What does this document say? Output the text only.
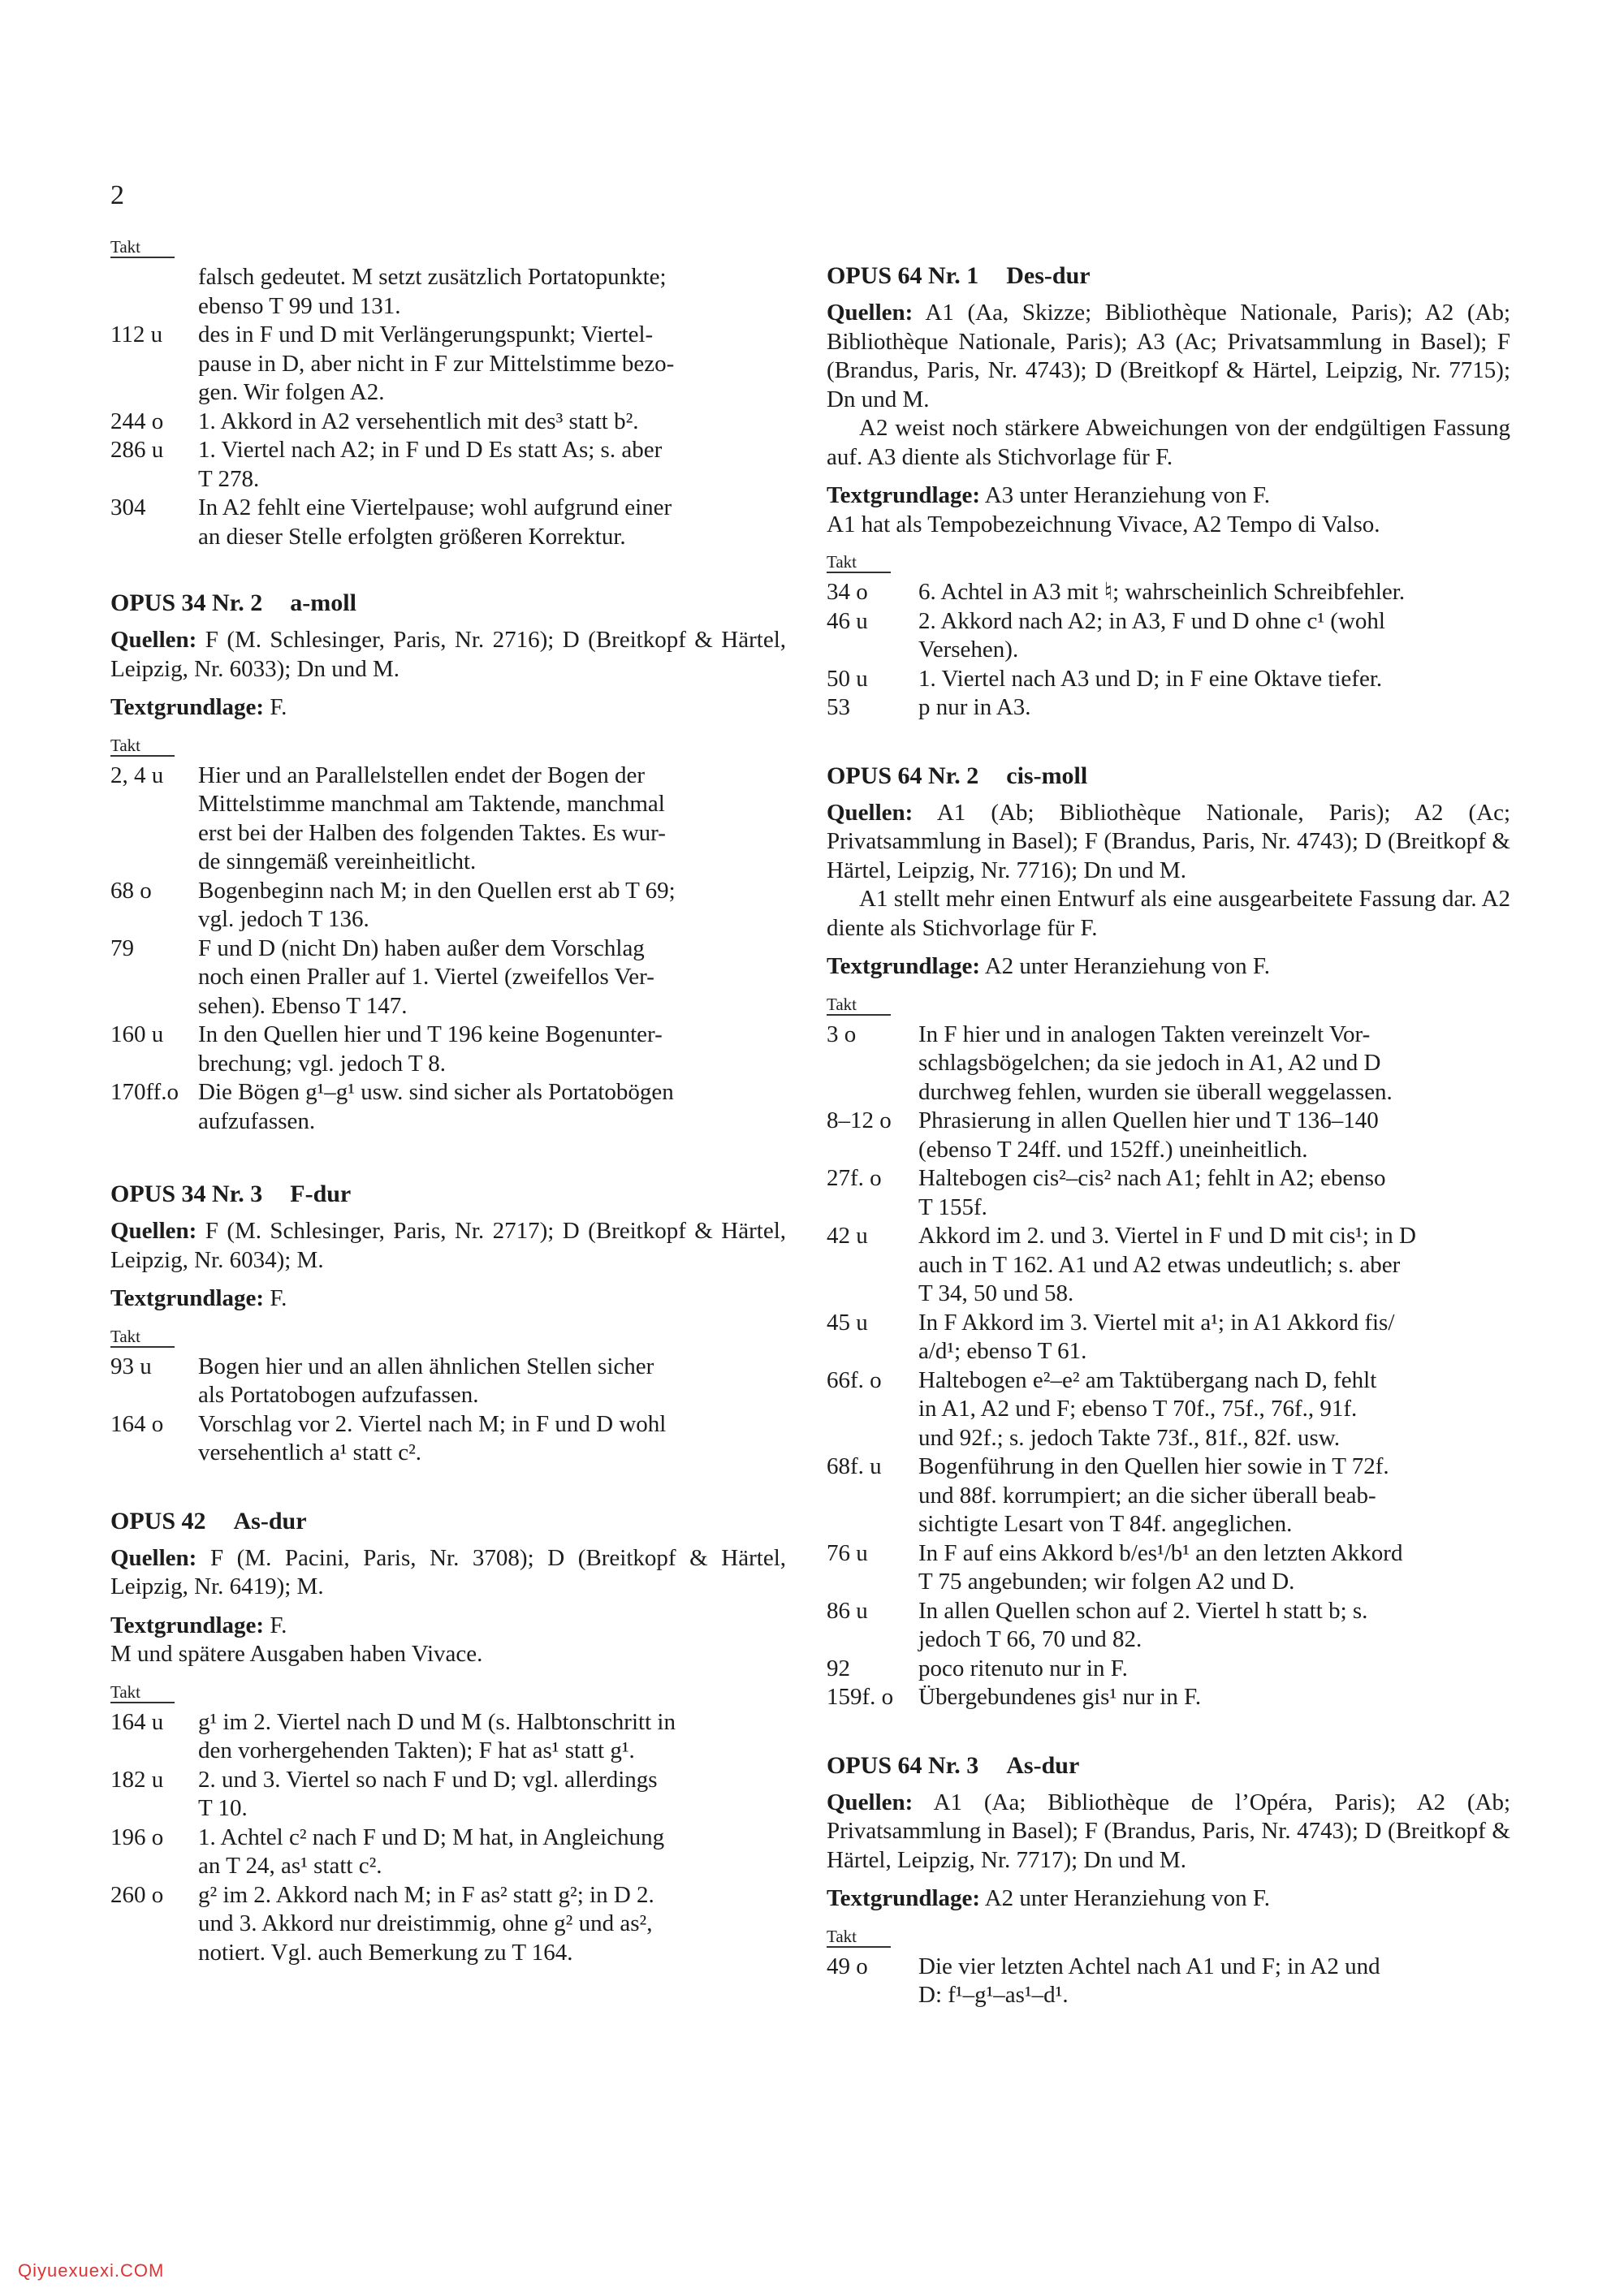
2
Takt
falsch gedeutet. M setzt zusätzlich Portatopunkte;
ebenso T 99 und 131.
112 u	des in F und D mit Verlängerungspunkt; Viertel-
pause in D, aber nicht in F zur Mittelstimme bezo-
gen. Wir folgen A2.
244 o	1. Akkord in A2 versehentlich mit des³ statt b².
286 u	1. Viertel nach A2; in F und D Es statt As; s. aber
T 278.
304	In A2 fehlt eine Viertelpause; wohl aufgrund einer
an dieser Stelle erfolgten größeren Korrektur.
OPUS 34 Nr. 2 a-moll
Quellen: F (M. Schlesinger, Paris, Nr. 2716); D (Breitkopf & Härtel, Leipzig, Nr. 6033); Dn und M.
Textgrundlage: F.
Takt
2, 4 u	Hier und an Parallelstellen endet der Bogen der
Mittelstimme manchmal am Taktende, manchmal
erst bei der Halben des folgenden Taktes. Es wur-
de sinngemäß vereinheitlicht.
68 o	Bogenbeginn nach M; in den Quellen erst ab T 69;
vgl. jedoch T 136.
79	F und D (nicht Dn) haben außer dem Vorschlag
noch einen Praller auf 1. Viertel (zweifellos Ver-
sehen). Ebenso T 147.
160 u	In den Quellen hier und T 196 keine Bogenunter-
brechung; vgl. jedoch T 8.
170ff.o Die Bögen g¹–g¹ usw. sind sicher als Portatobögen
aufzufassen.
OPUS 34 Nr. 3 F-dur
Quellen: F (M. Schlesinger, Paris, Nr. 2717); D (Breitkopf & Härtel, Leipzig, Nr. 6034); M.
Textgrundlage: F.
Takt
93 u	Bogen hier und an allen ähnlichen Stellen sicher
als Portatobogen aufzufassen.
164 o	Vorschlag vor 2. Viertel nach M; in F und D wohl
versehentlich a¹ statt c².
OPUS 42 As-dur
Quellen: F (M. Pacini, Paris, Nr. 3708); D (Breitkopf & Härtel, Leipzig, Nr. 6419); M.
Textgrundlage: F.
M und spätere Ausgaben haben Vivace.
Takt
164 u	g¹ im 2. Viertel nach D und M (s. Halbtonschritt in
den vorhergehenden Takten); F hat as¹ statt g¹.
182 u	2. und 3. Viertel so nach F und D; vgl. allerdings
T 10.
196 o	1. Achtel c² nach F und D; M hat, in Angleichung
an T 24, as¹ statt c².
260 o	g² im 2. Akkord nach M; in F as² statt g²; in D 2.
und 3. Akkord nur dreistimmig, ohne g² und as²,
notiert. Vgl. auch Bemerkung zu T 164.
OPUS 64 Nr. 1 Des-dur
Quellen: A1 (Aa, Skizze; Bibliothèque Nationale, Paris); A2 (Ab; Bibliothèque Nationale, Paris); A3 (Ac; Privatsammlung in Basel); F (Brandus, Paris, Nr. 4743); D (Breitkopf & Härtel, Leipzig, Nr. 7715); Dn und M.
A2 weist noch stärkere Abweichungen von der endgültigen Fassung auf. A3 diente als Stichvorlage für F.
Textgrundlage: A3 unter Heranziehung von F.
A1 hat als Tempobezeichnung Vivace, A2 Tempo di Valso.
Takt
34 o	6. Achtel in A3 mit ♮; wahrscheinlich Schreibfehler.
46 u	2. Akkord nach A2; in A3, F und D ohne c¹ (wohl
Versehen).
50 u	1. Viertel nach A3 und D; in F eine Oktave tiefer.
53	p nur in A3.
OPUS 64 Nr. 2 cis-moll
Quellen: A1 (Ab; Bibliothèque Nationale, Paris); A2 (Ac; Privatsammlung in Basel); F (Brandus, Paris, Nr. 4743); D (Breitkopf & Härtel, Leipzig, Nr. 7716); Dn und M.
A1 stellt mehr einen Entwurf als eine ausgearbeitete Fassung dar. A2 diente als Stichvorlage für F.
Textgrundlage: A2 unter Heranziehung von F.
Takt
3 o	In F hier und in analogen Takten vereinzelt Vor-
schlagsbögelchen; da sie jedoch in A1, A2 und D
durchweg fehlen, wurden sie überall weggelassen.
8–12 o	Phrasierung in allen Quellen hier und T 136–140
(ebenso T 24ff. und 152ff.) uneinheitlich.
27f. o	Haltebogen cis²–cis² nach A1; fehlt in A2; ebenso
T 155f.
42 u	Akkord im 2. und 3. Viertel in F und D mit cis¹; in D
auch in T 162. A1 und A2 etwas undeutlich; s. aber
T 34, 50 und 58.
45 u	In F Akkord im 3. Viertel mit a¹; in A1 Akkord fis/
a/d¹; ebenso T 61.
66f. o	Haltebogen e²–e² am Taktübergang nach D, fehlt
in A1, A2 und F; ebenso T 70f., 75f., 76f., 91f.
und 92f.; s. jedoch Takte 73f., 81f., 82f. usw.
68f. u	Bogenführung in den Quellen hier sowie in T 72f.
und 88f. korrumpiert; an die sicher überall beab-
sichtigte Lesart von T 84f. angeglichen.
76 u	In F auf eins Akkord b/es¹/b¹ an den letzten Akkord
T 75 angebunden; wir folgen A2 und D.
86 u	In allen Quellen schon auf 2. Viertel h statt b; s.
jedoch T 66, 70 und 82.
92	poco ritenuto nur in F.
159f. o	Übergebundenes gis¹ nur in F.
OPUS 64 Nr. 3 As-dur
Quellen: A1 (Aa; Bibliothèque de l’Opéra, Paris); A2 (Ab; Privatsammlung in Basel); F (Brandus, Paris, Nr. 4743); D (Breitkopf & Härtel, Leipzig, Nr. 7717); Dn und M.
Textgrundlage: A2 unter Heranziehung von F.
Takt
49 o	Die vier letzten Achtel nach A1 und F; in A2 und
D: f¹–g¹–as¹–d¹.
Qiyuexuexi.COM
